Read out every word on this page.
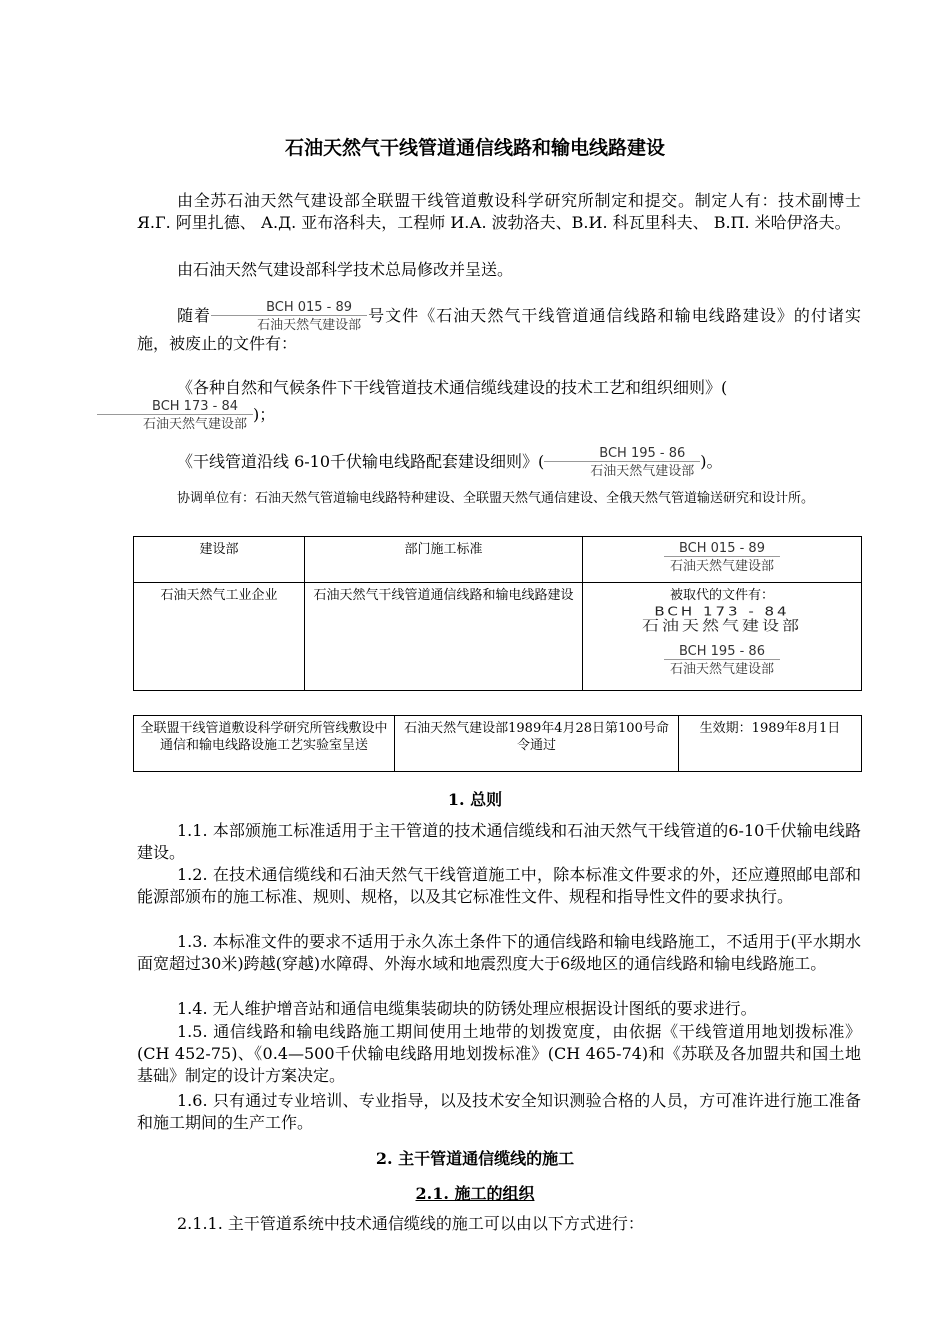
石油天然气干线管道通信线路和输电线路建设
由全苏石油天然气建设部全联盟干线管道敷设科学研究所制定和提交。制定人有：技术副博士Я.Г. 阿里扎德、 А.Д. 亚布洛科夫，工程师 И.А. 波勃洛夫、В.И. 科瓦里科夫、 В.П. 米哈伊洛夫。
由石油天然气建设部科学技术总局修改并呈送。
随着 $\frac{\text{BCH 015 - 89}}{\text{石油天然气建设部}}$ 号文件《石油天然气干线管道通信线路和输电线路建设》的付诸实施，被废止的文件有：
《各种自然和气候条件下干线管道技术通信缆线建设的技术工艺和组织细则》(

$\frac{\text{BCH 173 - 84}}{\text{石油天然气建设部}}$ )；
《干线管道沿线 6-10千伏输电线路配套建设细则》( $\frac{\text{BCH 195 - 86}}{\text{石油天然气建设部}}$ )。
协调单位有：石油天然气管道输电线路特种建设、全联盟天然气通信建设、全俄天然气管道输送研究和设计所。
建设部	部门施工标准	$\frac{\text{BCH 015 - 89}}{\text{石油天然气建设部}}$

石油天然气工业企业	石油天然气干线管道通信线路和输电线路建设	被取代的文件有：
BCH 173 - 84
石油天然气建设部
$\frac{\text{BCH 195 - 86}}{\text{石油天然气建设部}}$
全联盟干线管道敷设科学研究所管线敷设中通信和输电线路设施工艺实验室呈送	石油天然气建设部1989年4月28日第100号命令通过	生效期：1989年8月1日
1. 总则
1.1. 本部颁施工标准适用于主干管道的技术通信缆线和石油天然气干线管道的6-10千伏输电线路建设。
1.2. 在技术通信缆线和石油天然气干线管道施工中，除本标准文件要求的外，还应遵照邮电部和能源部颁布的施工标准、规则、规格，以及其它标准性文件、规程和指导性文件的要求执行。
1.3. 本标准文件的要求不适用于永久冻土条件下的通信线路和输电线路施工，不适用于(平水期水面宽超过30米)跨越(穿越)水障碍、外海水域和地震烈度大于6级地区的通信线路和输电线路施工。
1.4. 无人维护增音站和通信电缆集装砌块的防锈处理应根据设计图纸的要求进行。
1.5. 通信线路和输电线路施工期间使用土地带的划拨宽度，由依据《干线管道用地划拨标准》(CH 452-75)、《0.4—500千伏输电线路用地划拨标准》(CH 465-74)和《苏联及各加盟共和国土地基础》制定的设计方案决定。
1.6. 只有通过专业培训、专业指导，以及技术安全知识测验合格的人员，方可准许进行施工准备和施工期间的生产工作。
2. 主干管道通信缆线的施工
2.1. 施工的组织
2.1.1. 主干管道系统中技术通信缆线的施工可以由以下方式进行：
